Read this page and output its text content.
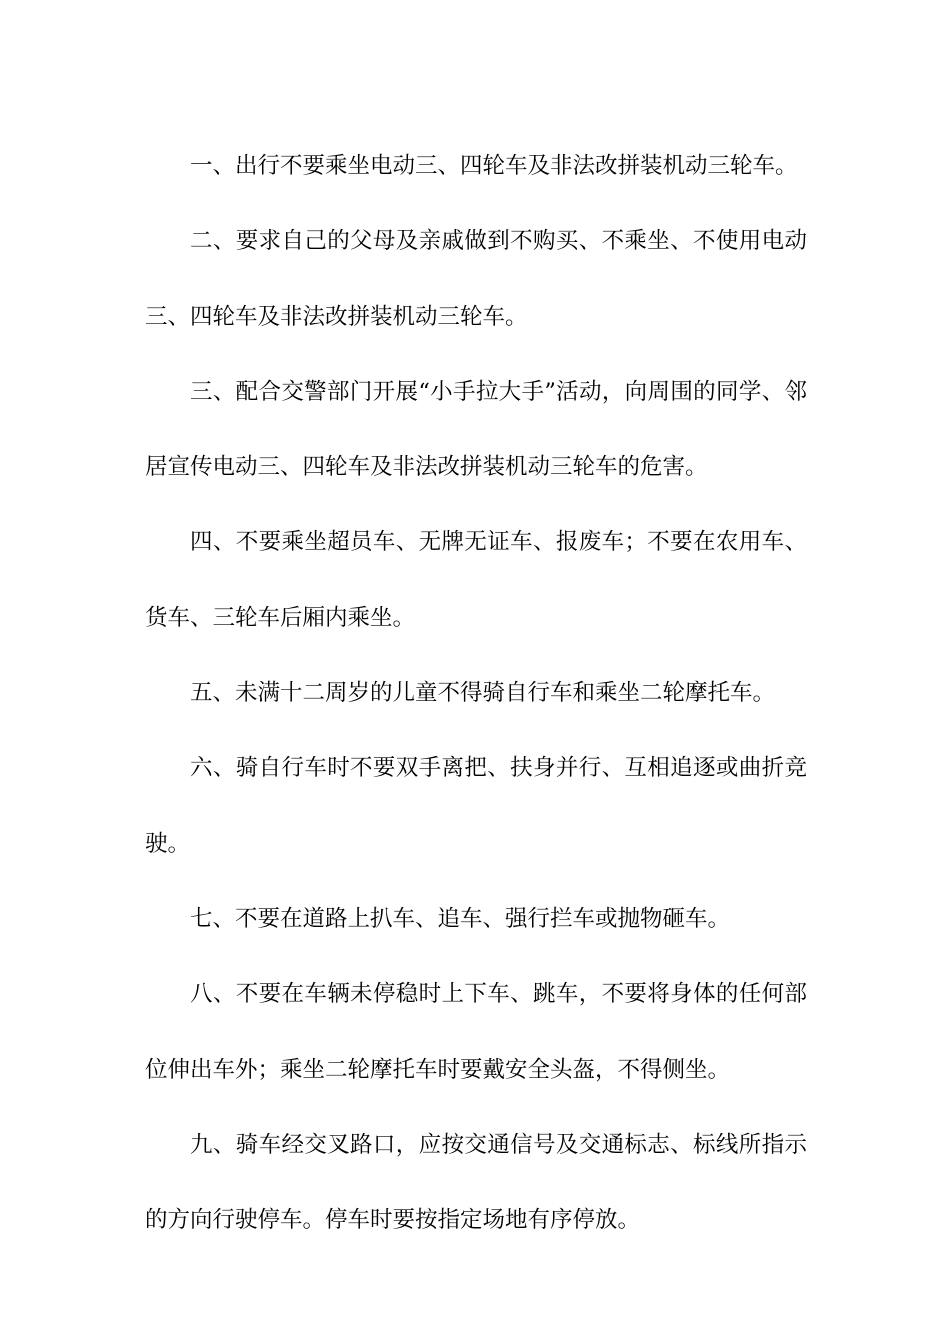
一、出行不要乘坐电动三、四轮车及非法改拼装机动三轮车。

二、要求自己的父母及亲戚做到不购买、不乘坐、不使用电动三、四轮车及非法改拼装机动三轮车。

三、配合交警部门开展“小手拉大手”活动，向周围的同学、邻居宣传电动三、四轮车及非法改拼装机动三轮车的危害。

四、不要乘坐超员车、无牌无证车、报废车；不要在农用车、货车、三轮车后厢内乘坐。

五、未满十二周岁的儿童不得骑自行车和乘坐二轮摩托车。

六、骑自行车时不要双手离把、扶身并行、互相追逐或曲折竞驶。

七、不要在道路上扒车、追车、强行拦车或抛物砸车。

八、不要在车辆未停稳时上下车、跳车，不要将身体的任何部位伸出车外；乘坐二轮摩托车时要戴安全头盔，不得侧坐。

九、骑车经交叉路口，应按交通信号及交通标志、标线所指示的方向行驶停车。停车时要按指定场地有序停放。
